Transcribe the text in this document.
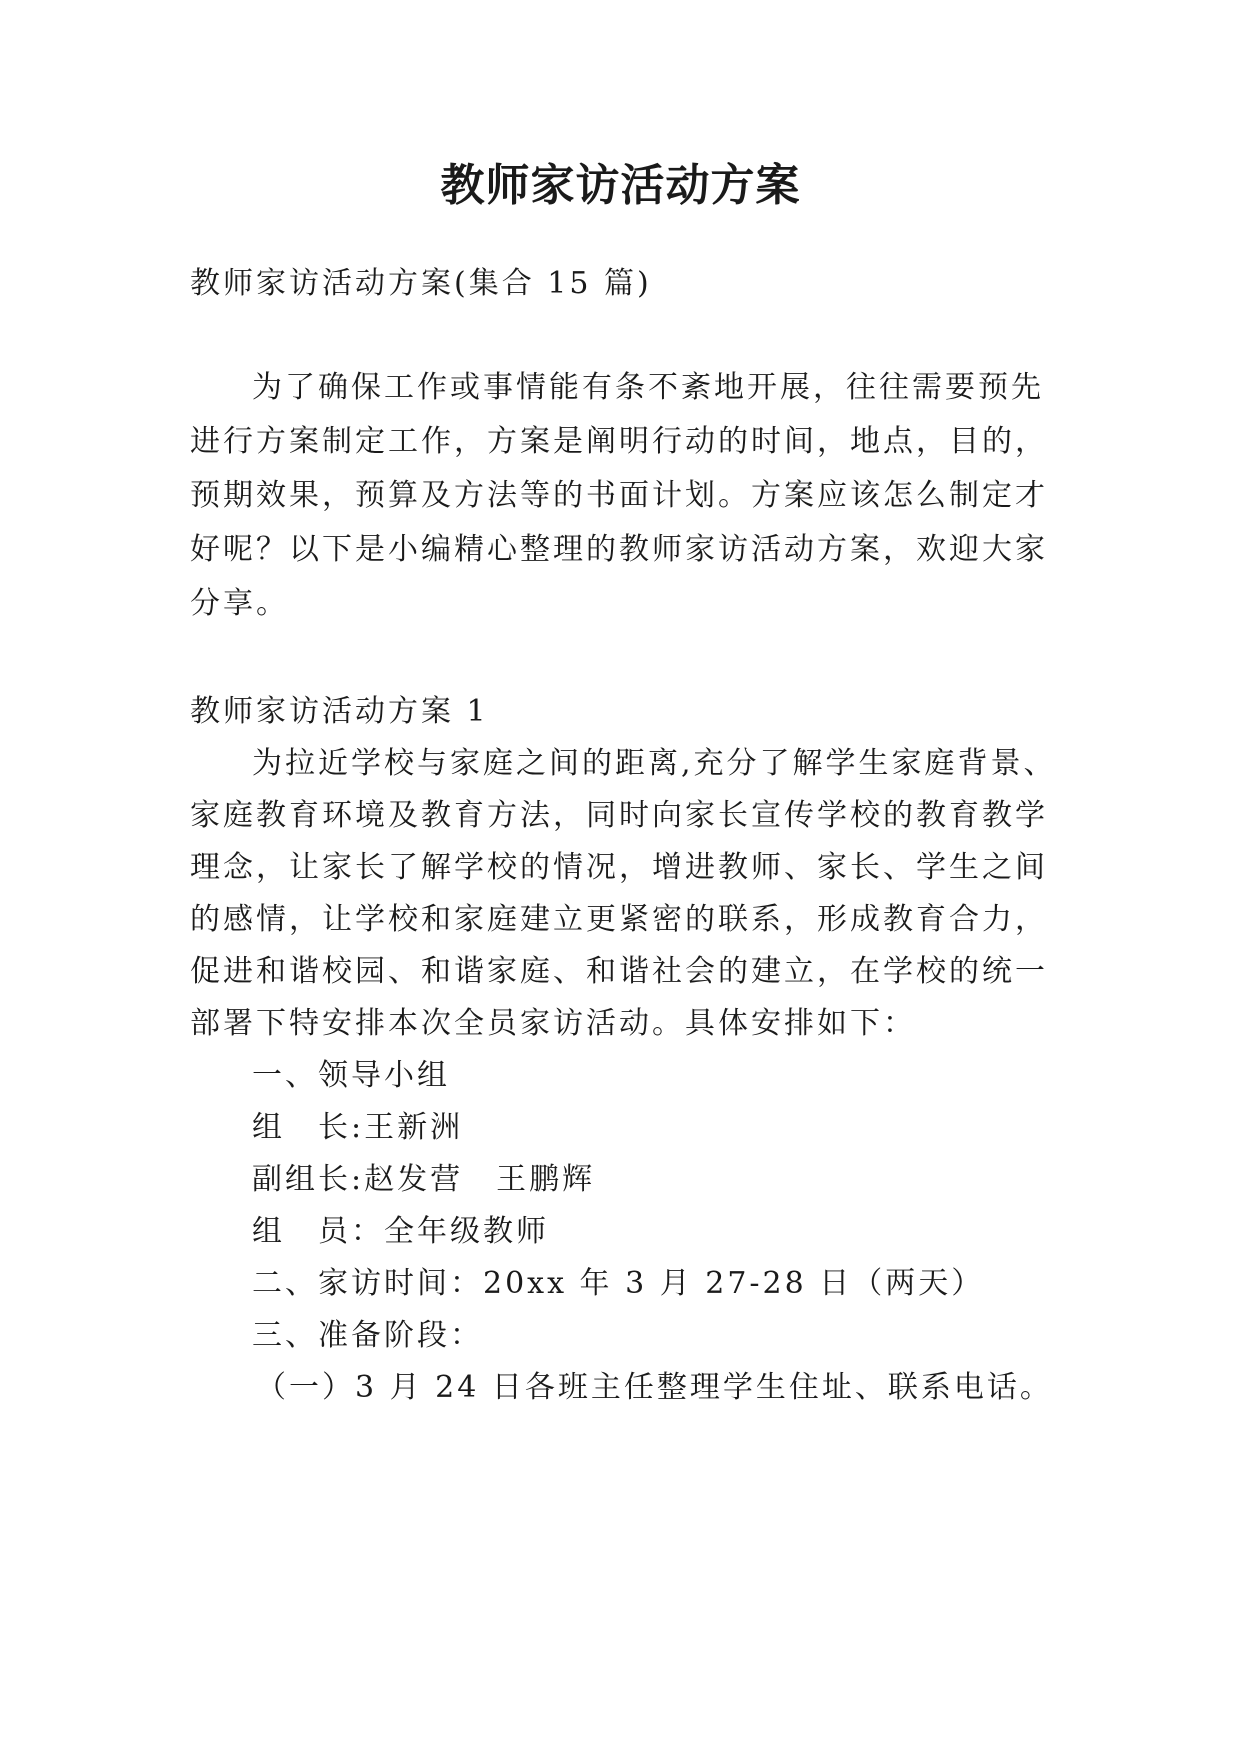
教师家访活动方案

教师家访活动方案(集合 15 篇)

为了确保工作或事情能有条不紊地开展，往往需要预先

进行方案制定工作，方案是阐明行动的时间，地点，目的，

预期效果，预算及方法等的书面计划。方案应该怎么制定才

好呢？以下是小编精心整理的教师家访活动方案，欢迎大家

分享。

教师家访活动方案 1

为拉近学校与家庭之间的距离,充分了解学生家庭背景、

家庭教育环境及教育方法，同时向家长宣传学校的教育教学

理念，让家长了解学校的情况，增进教师、家长、学生之间

的感情，让学校和家庭建立更紧密的联系，形成教育合力，

促进和谐校园、和谐家庭、和谐社会的建立，在学校的统一

部署下特安排本次全员家访活动。具体安排如下：

一、领导小组

组　长:王新洲

副组长:赵发营　王鹏辉

组　员：全年级教师

二、家访时间：20xx 年 3 月 27-28 日（两天）

三、准备阶段：

（一）3 月 24 日各班主任整理学生住址、联系电话。
